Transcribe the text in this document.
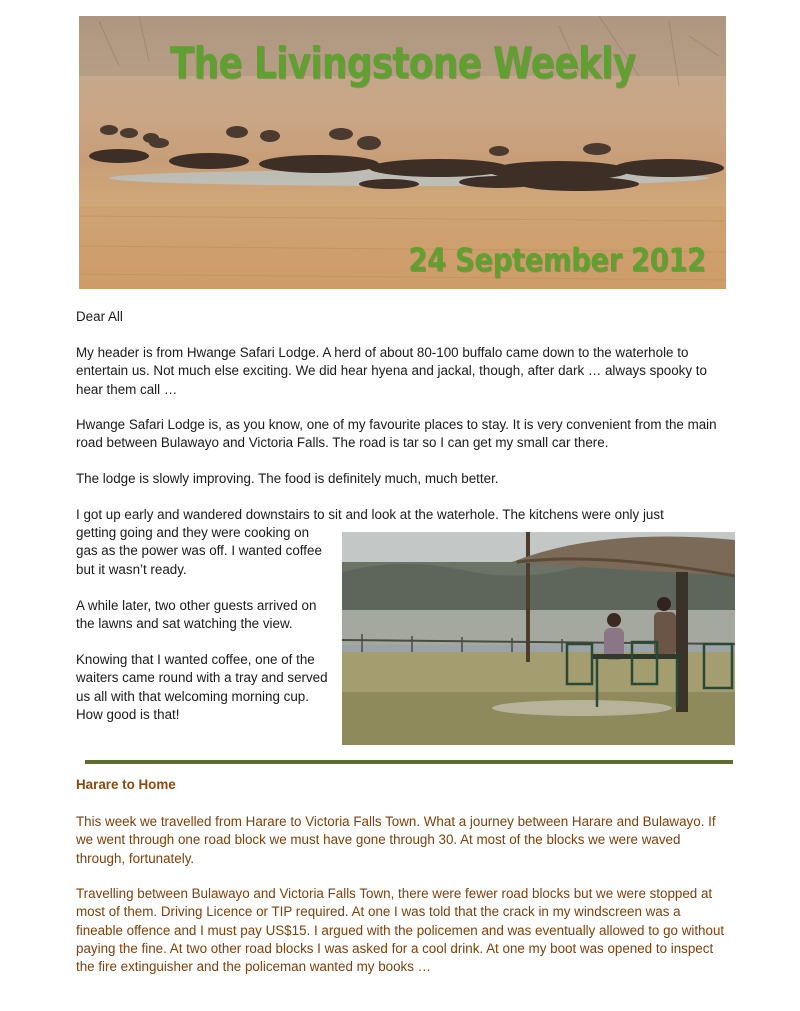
The Livingstone Weekly
24 September 2012
Dear All
My header is from Hwange Safari Lodge. A herd of about 80-100 buffalo came down to the waterhole to entertain us. Not much else exciting. We did hear hyena and jackal, though, after dark … always spooky to hear them call …
Hwange Safari Lodge is, as you know, one of my favourite places to stay. It is very convenient from the main road between Bulawayo and Victoria Falls. The road is tar so I can get my small car there.
The lodge is slowly improving. The food is definitely much, much better.
I got up early and wandered downstairs to sit and look at the waterhole. The kitchens were only just
getting going and they were cooking on gas as the power was off. I wanted coffee but it wasn’t ready.
A while later, two other guests arrived on the lawns and sat watching the view.
Knowing that I wanted coffee, one of the waiters came round with a tray and served us all with that welcoming morning cup. How good is that!
Harare to Home
This week we travelled from Harare to Victoria Falls Town. What a journey between Harare and Bulawayo. If we went through one road block we must have gone through 30. At most of the blocks we were waved through, fortunately.
Travelling between Bulawayo and Victoria Falls Town, there were fewer road blocks but we were stopped at most of them. Driving Licence or TIP required. At one I was told that the crack in my windscreen was a fineable offence and I must pay US$15. I argued with the policemen and was eventually allowed to go without paying the fine. At two other road blocks I was asked for a cool drink. At one my boot was opened to inspect the fire extinguisher and the policeman wanted my books …
